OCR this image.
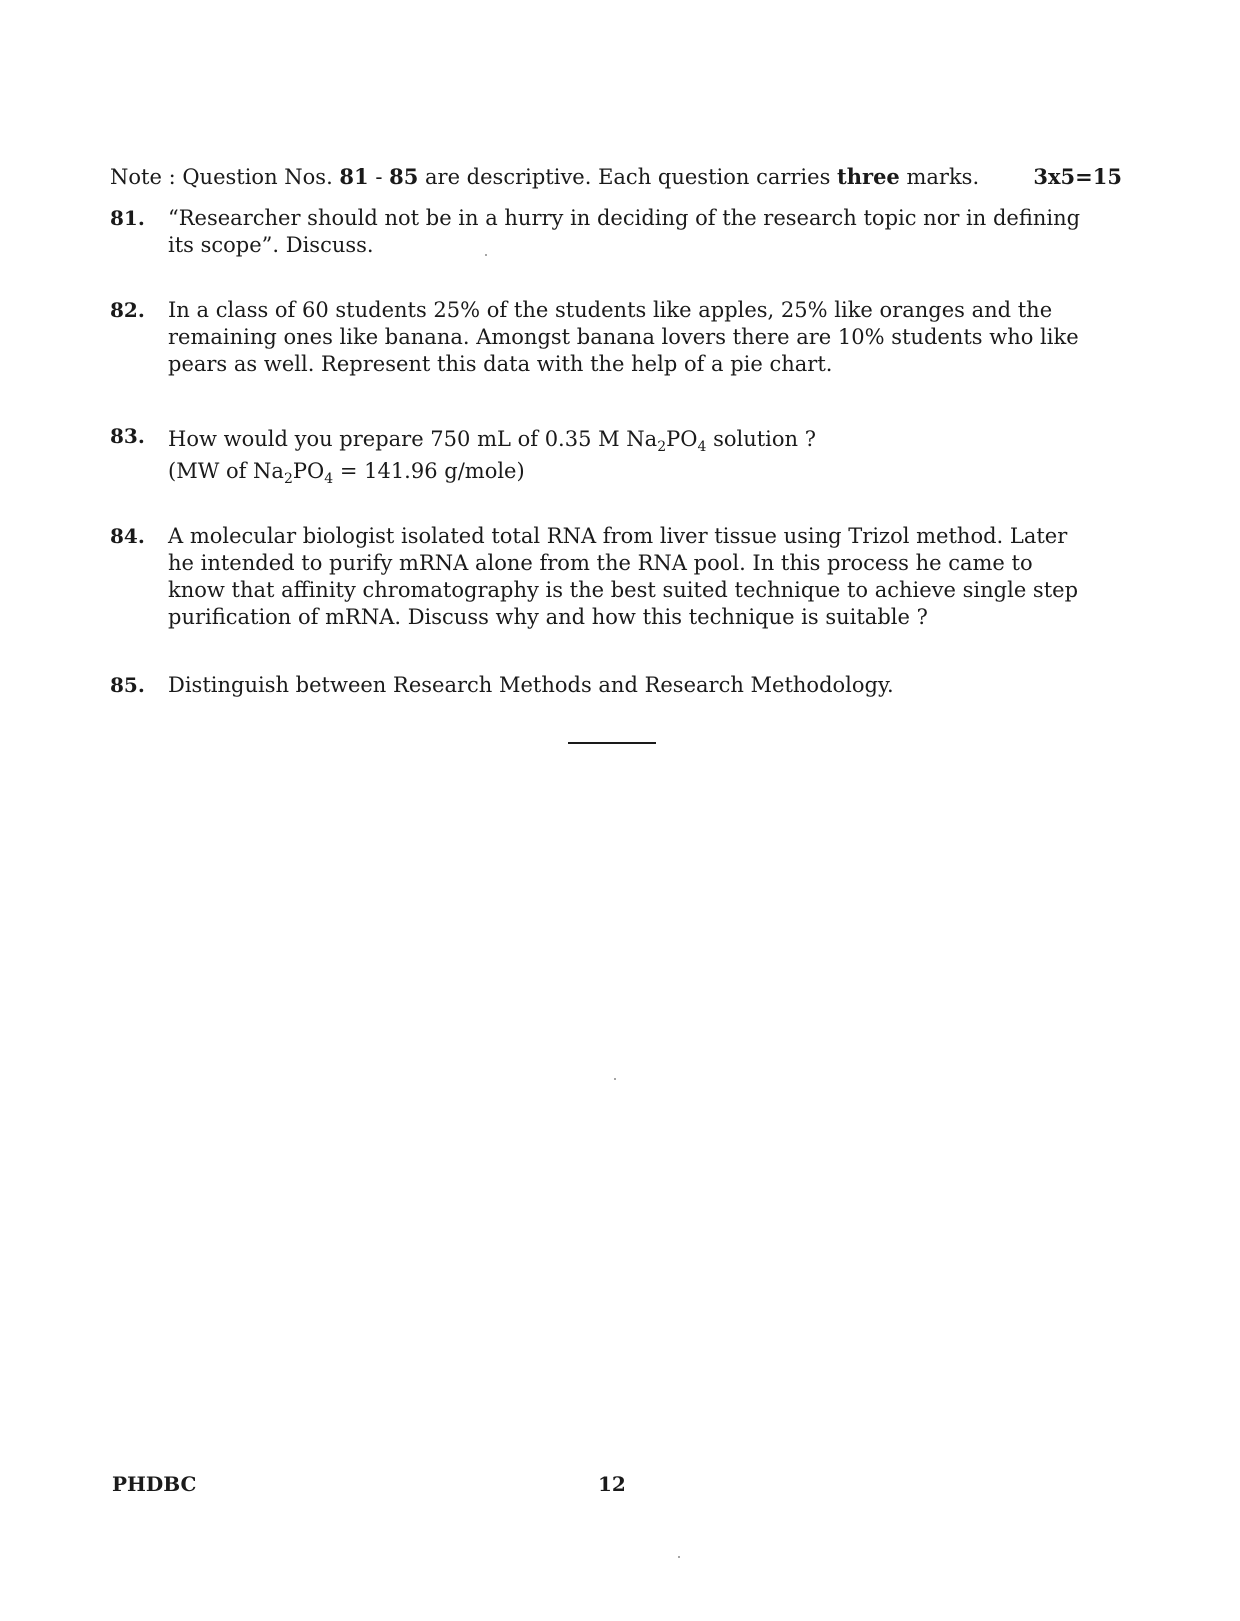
Note : Question Nos. 81 - 85 are descriptive. Each question carries three marks.	3x5=15
81.	“Researcher should not be in a hurry in deciding of the research topic nor in defining
its scope”. Discuss.
82.	In a class of 60 students 25% of the students like apples, 25% like oranges and the
remaining ones like banana. Amongst banana lovers there are 10% students who like
pears as well. Represent this data with the help of a pie chart.
83.	How would you prepare 750 mL of 0.35 M $Na_2PO_4$ solution ?
(MW of $Na_2PO_4 = 141.96$ g/mole)
84.	A molecular biologist isolated total RNA from liver tissue using Trizol method. Later
he intended to purify mRNA alone from the RNA pool. In this process he came to
know that affinity chromatography is the best suited technique to achieve single step
purification of mRNA. Discuss why and how this technique is suitable ?
85.	Distinguish between Research Methods and Research Methodology.
PHDBC	12
